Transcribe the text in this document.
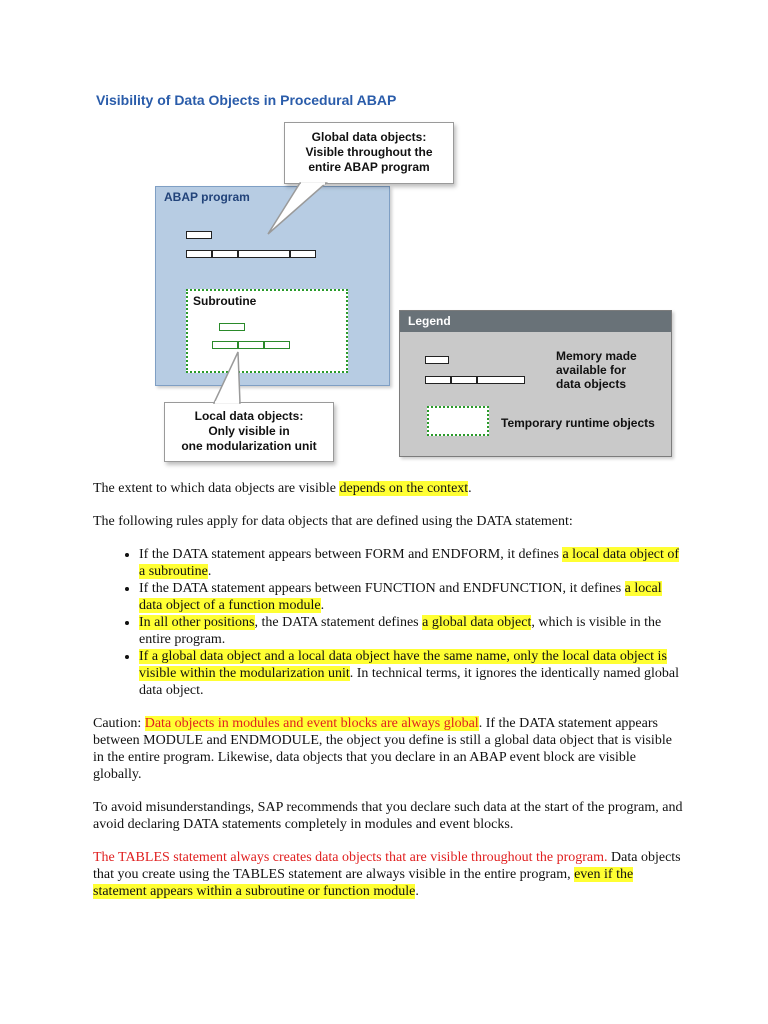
Visibility of Data Objects in Procedural ABAP
ABAP program
Subroutine
Global data objects:
Visible throughout the
entire ABAP program
Local data objects:
Only visible in
one modularization unit
Legend
Memory made
available for
data objects
Temporary runtime objects

The extent to which data objects are visible depends on the context.

The following rules apply for data objects that are defined using the DATA statement:

• If the DATA statement appears between FORM and ENDFORM, it defines a local data object of a subroutine.
• If the DATA statement appears between FUNCTION and ENDFUNCTION, it defines a local data object of a function module.
• In all other positions, the DATA statement defines a global data object, which is visible in the entire program.
• If a global data object and a local data object have the same name, only the local data object is visible within the modularization unit. In technical terms, it ignores the identically named global data object.

Caution: Data objects in modules and event blocks are always global. If the DATA statement appears between MODULE and ENDMODULE, the object you define is still a global data object that is visible in the entire program. Likewise, data objects that you declare in an ABAP event block are visible globally.

To avoid misunderstandings, SAP recommends that you declare such data at the start of the program, and avoid declaring DATA statements completely in modules and event blocks.

The TABLES statement always creates data objects that are visible throughout the program. Data objects that you create using the TABLES statement are always visible in the entire program, even if the statement appears within a subroutine or function module.
